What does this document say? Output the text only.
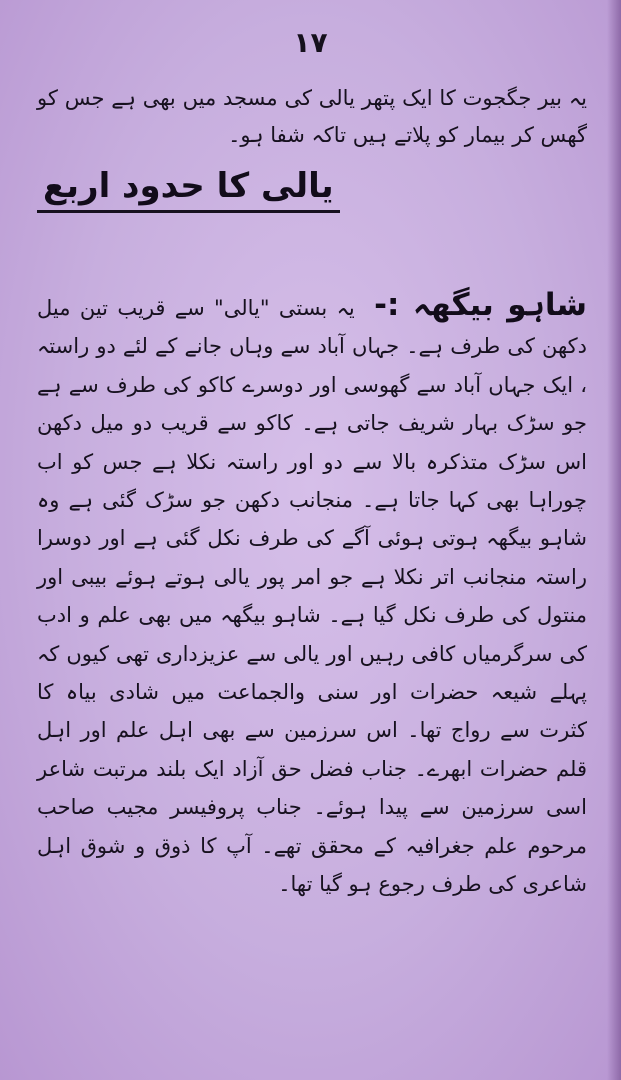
۱۷
یہ بیر جگجوت کا ایک پتھر یالی کی مسجد میں بھی ہے جس کو گھس کر بیمار کو پلاتے ہیں تاکہ شفا ہو۔
یالی کا حدود اربع
شاہو بیگھہ :- یہ بستی "یالی" سے قریب تین میل دکھن کی طرف ہے۔ جہاں آباد سے وہاں جانے کے لئے دو راستہ ، ایک جہاں آباد سے گھوسی اور دوسرے کاکو کی طرف سے ہے جو سڑک بہار شریف جاتی ہے۔ کاکو سے قریب دو میل دکھن اس سڑک متذکرہ بالا سے دو اور راستہ نکلا ہے جس کو اب چوراہا بھی کہا جاتا ہے۔ منجانب دکھن جو سڑک گئی ہے وہ شاہو بیگھہ ہوتی ہوئی آگے کی طرف نکل گئی ہے اور دوسرا راستہ منجانب اتر نکلا ہے جو امر پور یالی ہوتے ہوئے بیبی اور منتول کی طرف نکل گیا ہے۔ شاہو بیگھہ میں بھی علم و ادب کی سرگرمیاں کافی رہیں اور یالی سے عزیزداری تھی کیوں کہ پہلے شیعہ حضرات اور سنی والجماعت میں شادی بیاہ کا کثرت سے رواج تھا۔ اس سرزمین سے بھی اہل علم اور اہل قلم حضرات ابھرے۔ جناب فضل حق آزاد ایک بلند مرتبت شاعر اسی سرزمین سے پیدا ہوئے۔ جناب پروفیسر مجیب صاحب مرحوم علم جغرافیہ کے محقق تھے۔ آپ کا ذوق و شوق اہل شاعری کی طرف رجوع ہو گیا تھا۔
